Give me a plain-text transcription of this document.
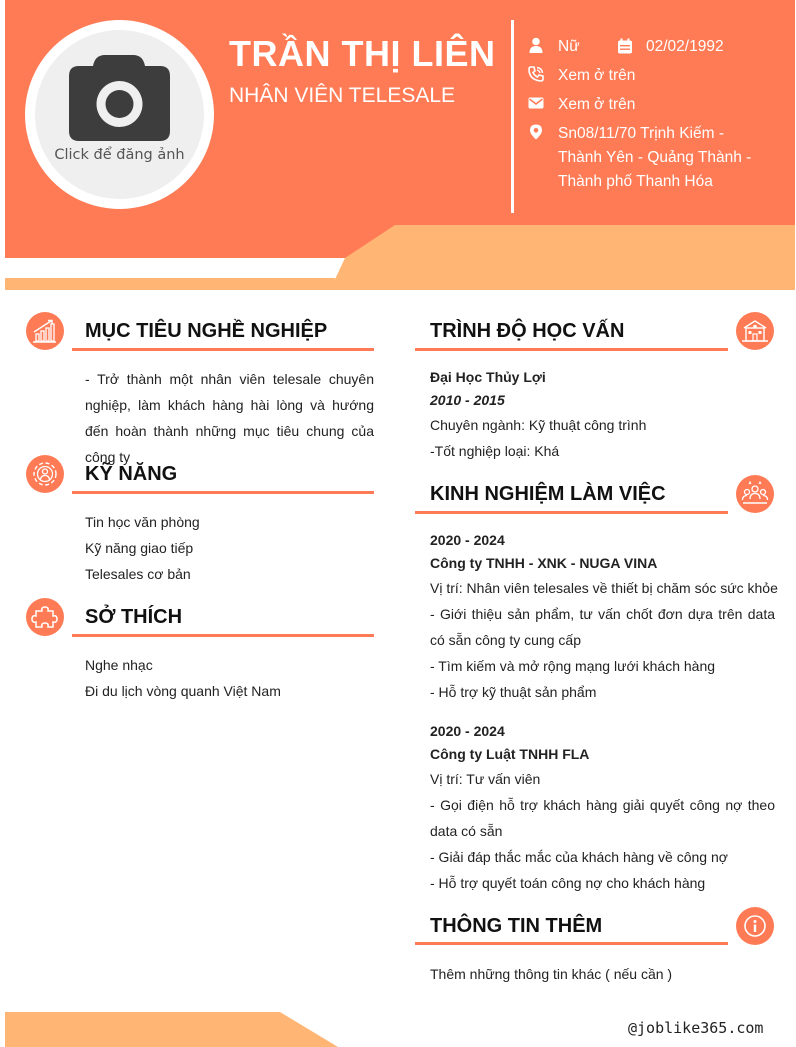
Click để đăng ảnh
TRẦN THỊ LIÊN
NHÂN VIÊN TELESALE
Nữ	02/02/1992
Xem ở trên
Xem ở trên
Sn08/11/70 Trịnh Kiếm - Thành Yên - Quảng Thành - Thành phố Thanh Hóa
MỤC TIÊU NGHỀ NGHIỆP
- Trở thành một nhân viên telesale chuyên nghiệp, làm khách hàng hài lòng và hướng đến hoàn thành những mục tiêu chung của công ty
KỸ NĂNG
Tin học văn phòng
Kỹ năng giao tiếp
Telesales cơ bản
SỞ THÍCH
Nghe nhạc
Đi du lịch vòng quanh Việt Nam
TRÌNH ĐỘ HỌC VẤN
Đại Học Thủy Lợi
2010 - 2015
Chuyên ngành: Kỹ thuật công trình
-Tốt nghiệp loại: Khá
KINH NGHIỆM LÀM VIỆC
2020 - 2024
Công ty TNHH - XNK - NUGA VINA
Vị trí: Nhân viên telesales về thiết bị chăm sóc sức khỏe
- Giới thiệu sản phẩm, tư vấn chốt đơn dựa trên data có sẵn công ty cung cấp
- Tìm kiếm và mở rộng mạng lưới khách hàng
- Hỗ trợ kỹ thuật sản phẩm
2020 - 2024
Công ty Luật TNHH FLA
Vị trí: Tư vấn viên
- Gọi điện hỗ trợ khách hàng giải quyết công nợ theo data có sẵn
- Giải đáp thắc mắc của khách hàng về công nợ
- Hỗ trợ quyết toán công nợ cho khách hàng
THÔNG TIN THÊM
Thêm những thông tin khác ( nếu cần )
@joblike365.com
